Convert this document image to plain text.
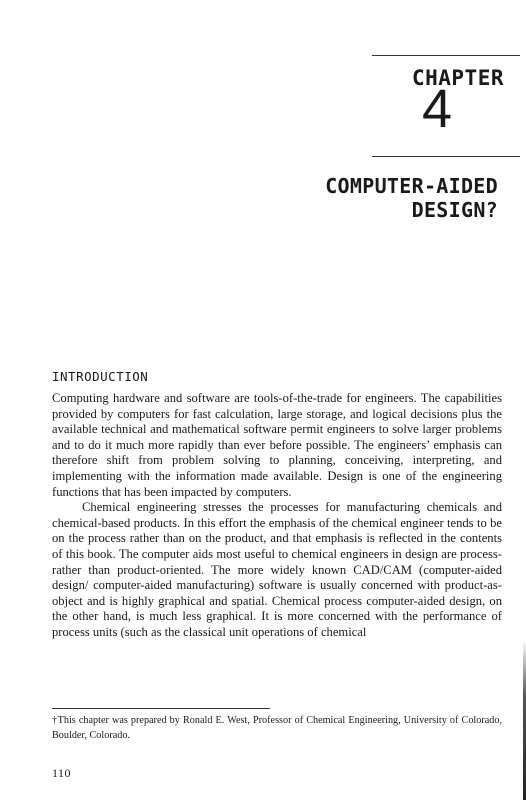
CHAPTER
4
COMPUTER-AIDED
DESIGN?
INTRODUCTION

Computing hardware and software are tools-of-the-trade for engineers. The capabilities provided by computers for fast calculation, large storage, and logical decisions plus the available technical and mathematical software permit engineers to solve larger problems and to do it much more rapidly than ever before possible. The engineers’ emphasis can therefore shift from problem solving to planning, conceiving, interpreting, and implementing with the information made available. Design is one of the engineering functions that has been impacted by computers.

Chemical engineering stresses the processes for manufacturing chemicals and chemical-based products. In this effort the emphasis of the chemical engineer tends to be on the process rather than on the product, and that emphasis is reflected in the contents of this book. The computer aids most useful to chemical engineers in design are process- rather than product-oriented. The more widely known CAD/CAM (computer-aided design/ computer-aided manufacturing) software is usually concerned with product-as-object and is highly graphical and spatial. Chemical process computer-aided design, on the other hand, is much less graphical. It is more concerned with the performance of process units (such as the classical unit operations of chemical

†This chapter was prepared by Ronald E. West, Professor of Chemical Engineering, University of Colorado, Boulder, Colorado.
110
